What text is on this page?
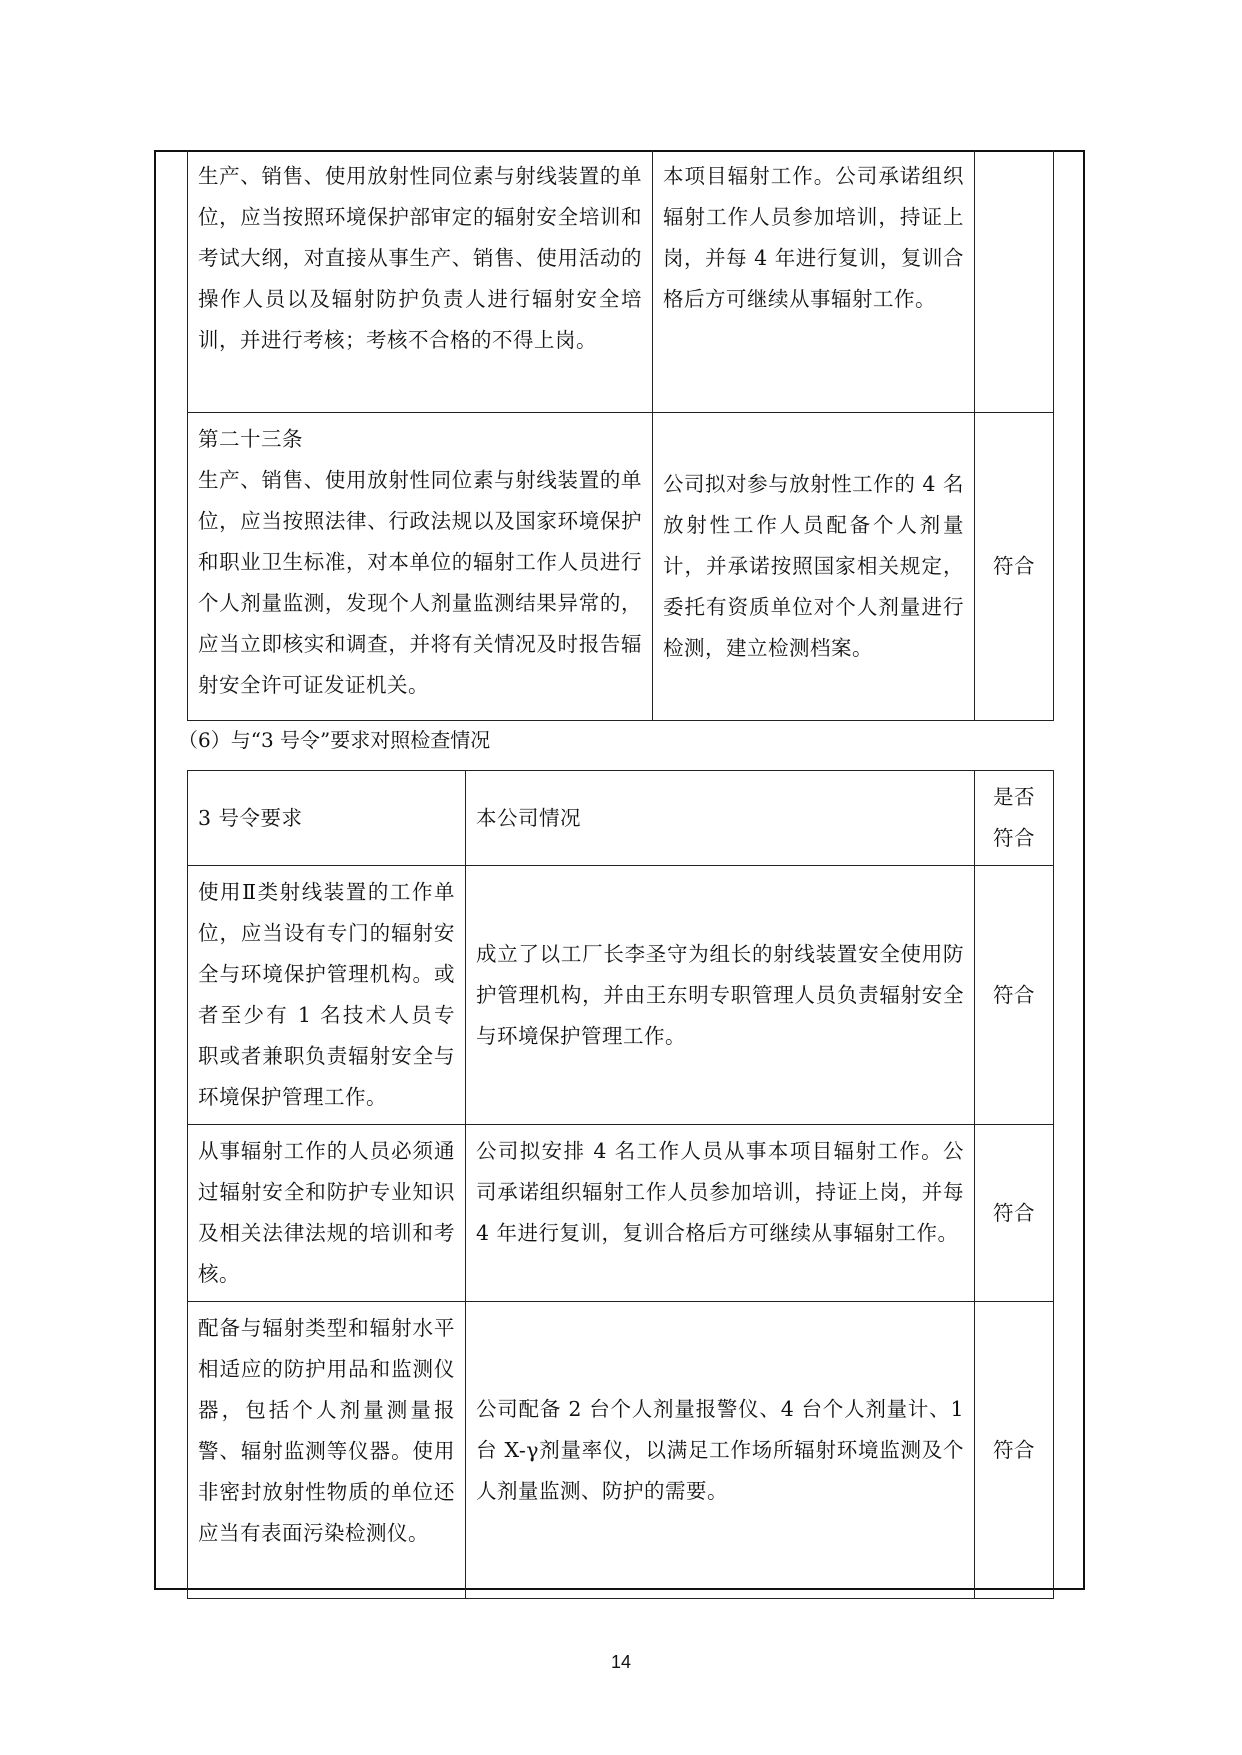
生产、销售、使用放射性同位素与射线装置的单位，应当按照环境保护部审定的辐射安全培训和考试大纲，对直接从事生产、销售、使用活动的操作人员以及辐射防护负责人进行辐射安全培训，并进行考核；考核不合格的不得上岗。	本项目辐射工作。公司承诺组织辐射工作人员参加培训，持证上岗，并每 4 年进行复训，复训合格后方可继续从事辐射工作。	

第二十三条

生产、销售、使用放射性同位素与射线装置的单位，应当按照法律、行政法规以及国家环境保护和职业卫生标准，对本单位的辐射工作人员进行个人剂量监测，发现个人剂量监测结果异常的，应当立即核实和调查，并将有关情况及时报告辐射安全许可证发证机关。	公司拟对参与放射性工作的 4 名放射性工作人员配备个人剂量计，并承诺按照国家相关规定，委托有资质单位对个人剂量进行检测，建立检测档案。	符合
（6）与“3 号令”要求对照检查情况
3 号令要求	本公司情况	是否符合
使用Ⅱ类射线装置的工作单位，应当设有专门的辐射安全与环境保护管理机构。或者至少有 1 名技术人员专职或者兼职负责辐射安全与环境保护管理工作。	成立了以工厂长李圣守为组长的射线装置安全使用防护管理机构，并由王东明专职管理人员负责辐射安全与环境保护管理工作。	符合
从事辐射工作的人员必须通过辐射安全和防护专业知识及相关法律法规的培训和考核。	公司拟安排 4 名工作人员从事本项目辐射工作。公司承诺组织辐射工作人员参加培训，持证上岗，并每 4 年进行复训，复训合格后方可继续从事辐射工作。	符合
配备与辐射类型和辐射水平相适应的防护用品和监测仪器，包括个人剂量测量报警、辐射监测等仪器。使用非密封放射性物质的单位还应当有表面污染检测仪。	公司配备 2 台个人剂量报警仪、4 台个人剂量计、1 台 X-γ剂量率仪，以满足工作场所辐射环境监测及个人剂量监测、防护的需要。	符合
14
